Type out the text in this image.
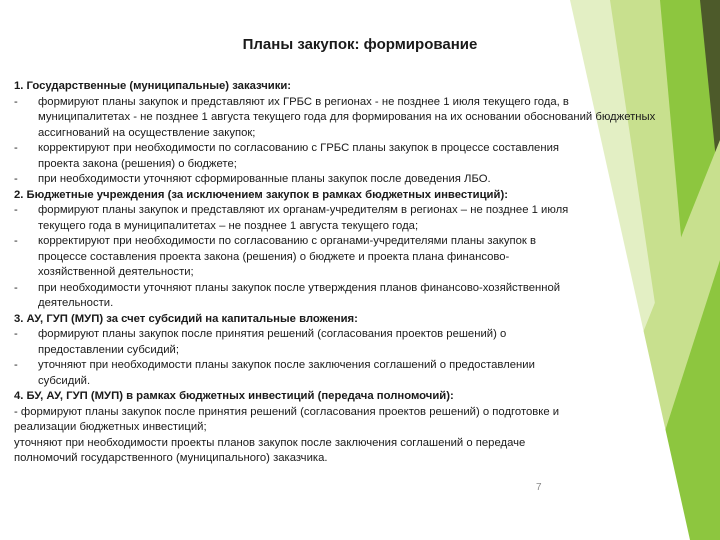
Планы закупок: формирование
1. Государственные (муниципальные) заказчики:
- формируют планы закупок и представляют их ГРБС в регионах - не позднее 1 июля текущего года, в
муниципалитетах - не позднее 1 августа текущего года для формирования на их основании обоснований бюджетных
ассигнований на осуществление закупок;
- корректируют при необходимости по согласованию с ГРБС планы закупок в процессе составления
проекта закона (решения) о бюджете;
- при необходимости уточняют сформированные планы закупок после доведения ЛБО.
2. Бюджетные учреждения (за исключением закупок в рамках бюджетных инвестиций):
- формируют планы закупок и представляют их органам-учредителям в регионах – не позднее 1 июля
текущего года в муниципалитетах – не позднее 1 августа текущего года;
- корректируют при необходимости по согласованию с органами-учредителями планы закупок в
процессе составления проекта закона (решения) о бюджете и проекта плана финансово-
хозяйственной деятельности;
- при необходимости уточняют планы закупок после утверждения планов финансово-хозяйственной
деятельности.
3. АУ, ГУП (МУП) за счет субсидий на капитальные вложения:
- формируют планы закупок после принятия решений (согласования проектов решений) о
предоставлении субсидий;
- уточняют при необходимости планы закупок после заключения соглашений о предоставлении
субсидий.
4. БУ, АУ, ГУП (МУП) в рамках бюджетных инвестиций (передача полномочий):
- формируют планы закупок после принятия решений (согласования проектов решений) о подготовке и
реализации бюджетных инвестиций;
уточняют при необходимости проекты планов закупок после заключения соглашений о передаче
полномочий государственного (муниципального) заказчика.
7
